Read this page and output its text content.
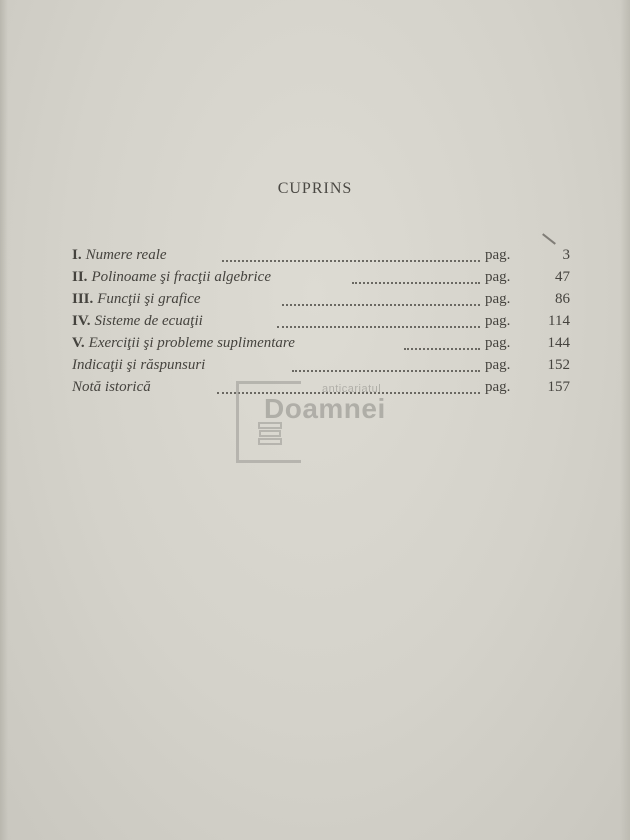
CUPRINS
I. Numere reale	pag.	3
II. Polinoame şi fracţii algebrice	pag.	47
III. Funcţii şi grafice	pag.	86
IV. Sisteme de ecuaţii	pag.	114
V. Exerciţii şi probleme suplimentare	pag.	144
Indicaţii şi răspunsuri	pag.	152
Notă istorică	pag.	157
anticariatul
Doamnei
